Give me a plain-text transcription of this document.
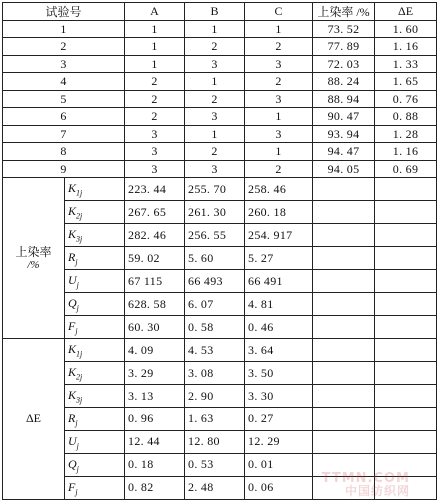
试验号		A	B	C	上染率 /%	ΔE
1		1	1	1	73. 52	1. 60
2		1	2	2	77. 89	1. 16
3		1	3	3	72. 03	1. 33
4		2	1	2	88. 24	1. 65
5		2	2	3	88. 94	0. 76
6		2	3	1	90. 47	0. 88
7		3	1	3	93. 94	1. 28
8		3	2	1	94. 47	1. 16
9		3	3	2	94. 05	0. 69
上染率
/%	$K_{1j}$	223. 44	255. 70	258. 46		
	$K_{2j}$	267. 65	261. 30	260. 18		
	$K_{3j}$	282. 46	256. 55	254. 917		
	$R_j$	59. 02	5. 60	5. 27		
	$U_j$	67 115	66 493	66 491		
	$Q_j$	628. 58	6. 07	4. 81		
	$F_j$	60. 30	0. 58	0. 46		
ΔE	$K_{1j}$	4. 09	4. 53	3. 64		
	$K_{2j}$	3. 29	3. 08	3. 50		
	$K_{3j}$	3. 13	2. 90	3. 30		
	$R_j$	0. 96	1. 63	0. 27		
	$U_j$	12. 44	12. 80	12. 29		
	$Q_j$	0. 18	0. 53	0. 01		
	$F_j$	0. 82	2. 48	0. 06		
TTMN.COM
中国纺织网
